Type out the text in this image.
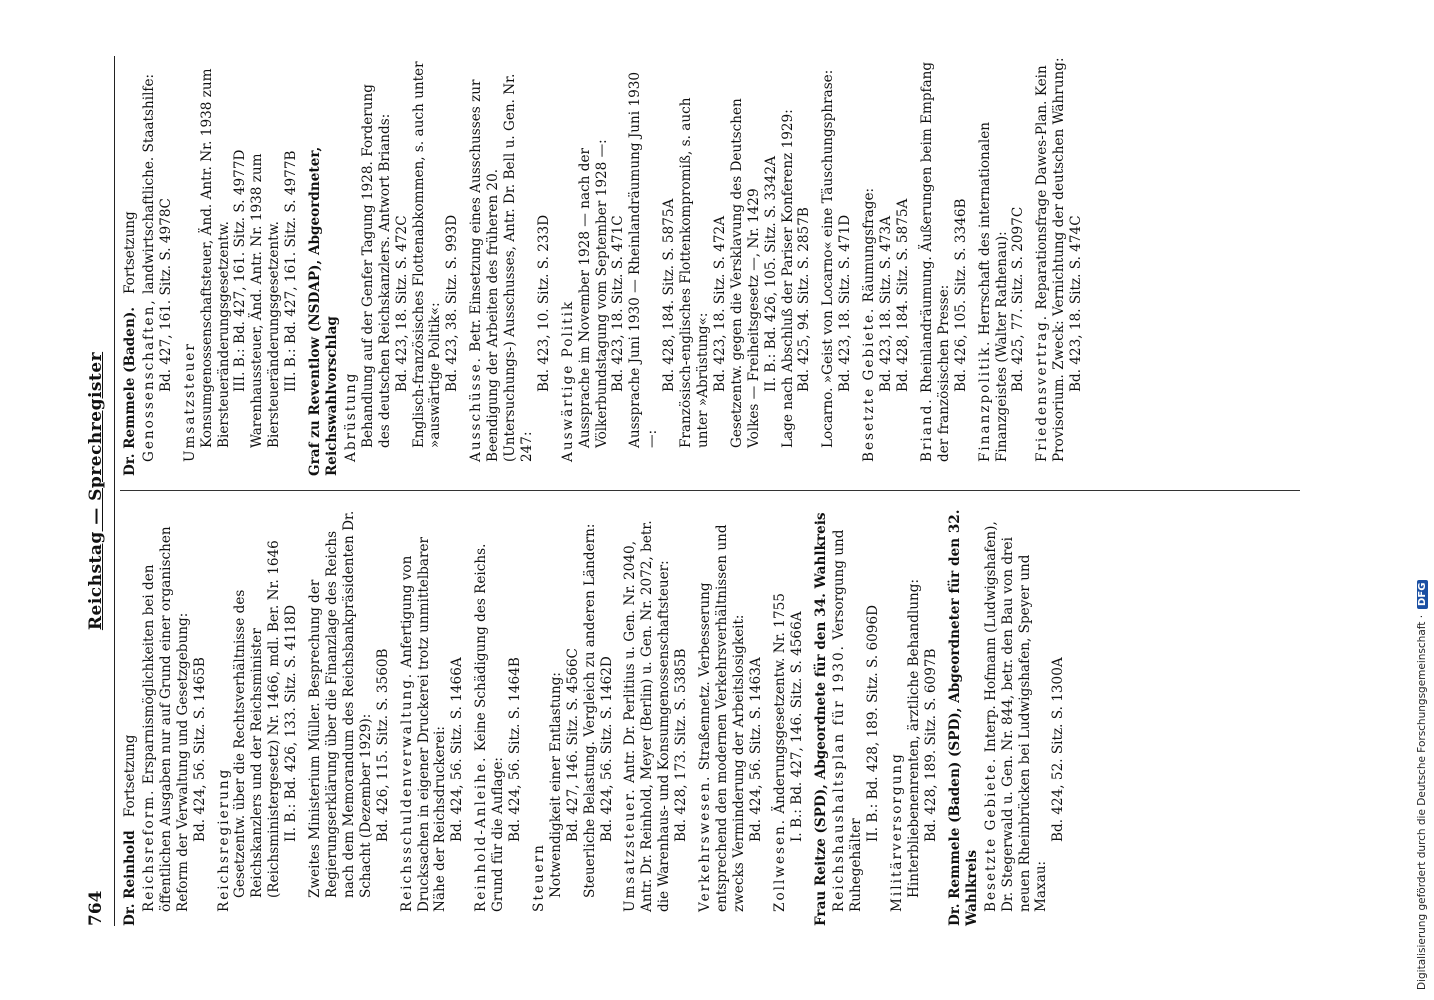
764
Reichstag — Sprechregister
Dr. Reinhold   Fortsetzung
Reichsreform. Ersparnismöglichkeiten bei den öffentlichen Ausgaben nur auf Grund einer organischen Reform der Verwaltung und Gesetzgebung: Bd. 424, 56. Sitz. S. 1465B Reichsregierung Gesetzentw. über die Rechtsverhältnisse des Reichskanzlers und der Reichsminister (Reichsministergesetz) Nr. 1466, mdl. Ber. Nr. 1646 II. B.: Bd. 426, 133. Sitz. S. 4118D Zweites Ministerium Müller. Besprechung der Regierungserklärung über die Finanzlage des Reichs nach dem Memorandum des Reichsbankpräsidenten Dr. Schacht (Dezember 1929): Bd. 426, 115. Sitz. S. 3560B Reichsschuldenverwaltung. Anfertigung von Drucksachen in eigener Druckerei trotz unmittelbarer Nähe der Reichsdruckerei: Bd. 424, 56. Sitz. S. 1466A Reinhold-Anleihe. Keine Schädigung des Reichs. Grund für die Auflage: Bd. 424, 56. Sitz. S. 1464B
Steuern Notwendigkeit einer Entlastung: Bd. 427, 146. Sitz. S. 4566C Steuerliche Belastung. Vergleich zu anderen Ländern: Bd. 424, 56. Sitz. S. 1462D
Umsatzsteuer. Antr. Dr. Perlitius u. Gen. Nr. 2040, Antr. Dr. Reinhold, Meyer (Berlin) u. Gen. Nr. 2072, betr. die Warenhaus- und Konsumgenossenschaftsteuer: Bd. 428, 173. Sitz. S. 5385B
Verkehrswesen. Straßennetz. Verbesserung entsprechend den modernen Verkehrsverhältnissen und zwecks Verminderung der Arbeitslosigkeit: Bd. 424, 56. Sitz. S. 1463A
Zollwesen. Änderungsgesetzentw. Nr. 1755 I. B.: Bd. 427, 146. Sitz. S. 4566A Frau Reitze (SPD), Abgeordnete für den 34. Wahlkreis Reichshaushaltsplan für 1930. Versorgung und Ruhegehälter
II. B.: Bd. 428, 189. Sitz. S. 6096D Militärversorgung Hinterbliebenenrenten, ärztliche Behandlung: Bd. 428, 189. Sitz. S. 6097B Dr. Remmele (Baden) (SPD), Abgeordneter für den 32. Wahlkreis Besetzte Gebiete. Interp. Hofmann (Ludwigshafen), Dr. Stegerwald u. Gen. Nr. 844, betr. den Bau von drei neuen Rheinbrücken bei Ludwigshafen, Speyer und Maxau:
Bd. 424, 52. Sitz. S. 1300A
Dr. Remmele (Baden).   Fortsetzung
Genossenschaften, landwirtschaftliche. Staatshilfe:
Bd. 427, 161. Sitz. S. 4978C
Umsatzsteuer Konsumgenossenschaftsteuer, Änd. Antr. Nr. 1938 zum Biersteueränderungsgesetzentw. III. B.: Bd. 427, 161. Sitz. S. 4977D Warenhaussteuer, Änd. Antr. Nr. 1938 zum Biersteueränderungsgesetzentw. III. B.: Bd. 427, 161. Sitz. S. 4977B Graf zu Reventlow (NSDAP), Abgeordneter, Reichswahlvorschlag Abrüstung Behandlung auf der Genfer Tagung 1928. Forderung des deutschen Reichskanzlers. Antwort Briands: Bd. 423, 18. Sitz. S. 472C Englisch-französisches Flottenabkommen, s. auch unter »auswärtige Politik«: Bd. 423, 38. Sitz. S. 993D
Ausschüsse. Betr. Einsetzung eines Ausschusses zur Beendigung der Arbeiten des früheren 20. (Untersuchungs-) Ausschusses, Antr. Dr. Bell u. Gen. Nr. 247:
Bd. 423, 10. Sitz. S. 233D Auswärtige Politik Aussprache im November 1928 — nach der Völkerbundstagung vom September 1928 —: Bd. 423, 18. Sitz. S. 471C Aussprache Juni 1930 — Rheinlandräumung Juni 1930 —:
Bd. 428, 184. Sitz. S. 5875A Französisch-englisches Flottenkompromiß, s. auch unter »Abrüstung«: Bd. 423, 18. Sitz. S. 472A Gesetzentw. gegen die Versklavung des Deutschen Volkes — Freiheitsgesetz —, Nr. 1429 II. B.: Bd. 426, 105. Sitz. S. 3342A Lage nach Abschluß der Pariser Konferenz 1929: Bd. 425, 94. Sitz. S. 2857B
Locarno. »Geist von Locarno« eine Täuschungsphrase: Bd. 423, 18. Sitz. S. 471D Besetzte Gebiete. Räumungsfrage: Bd. 423, 18. Sitz. S. 473A Bd. 428, 184. Sitz. S. 5875A
Briand. Rheinlandräumung. Äußerungen beim Empfang der französischen Presse: Bd. 426, 105. Sitz. S. 3346B
Finanzpolitik. Herrschaft des internationalen Finanzgeistes (Walter Rathenau): Bd. 425, 77. Sitz. S. 2097C Friedensvertrag. Reparationsfrage Dawes-Plan. Kein Provisorium. Zweck: Vernichtung der deutschen Währung: Bd. 423, 18. Sitz. S. 474C
Digitalisierung gefördert durch die Deutsche Forschungsgemeinschaft ·DFG
